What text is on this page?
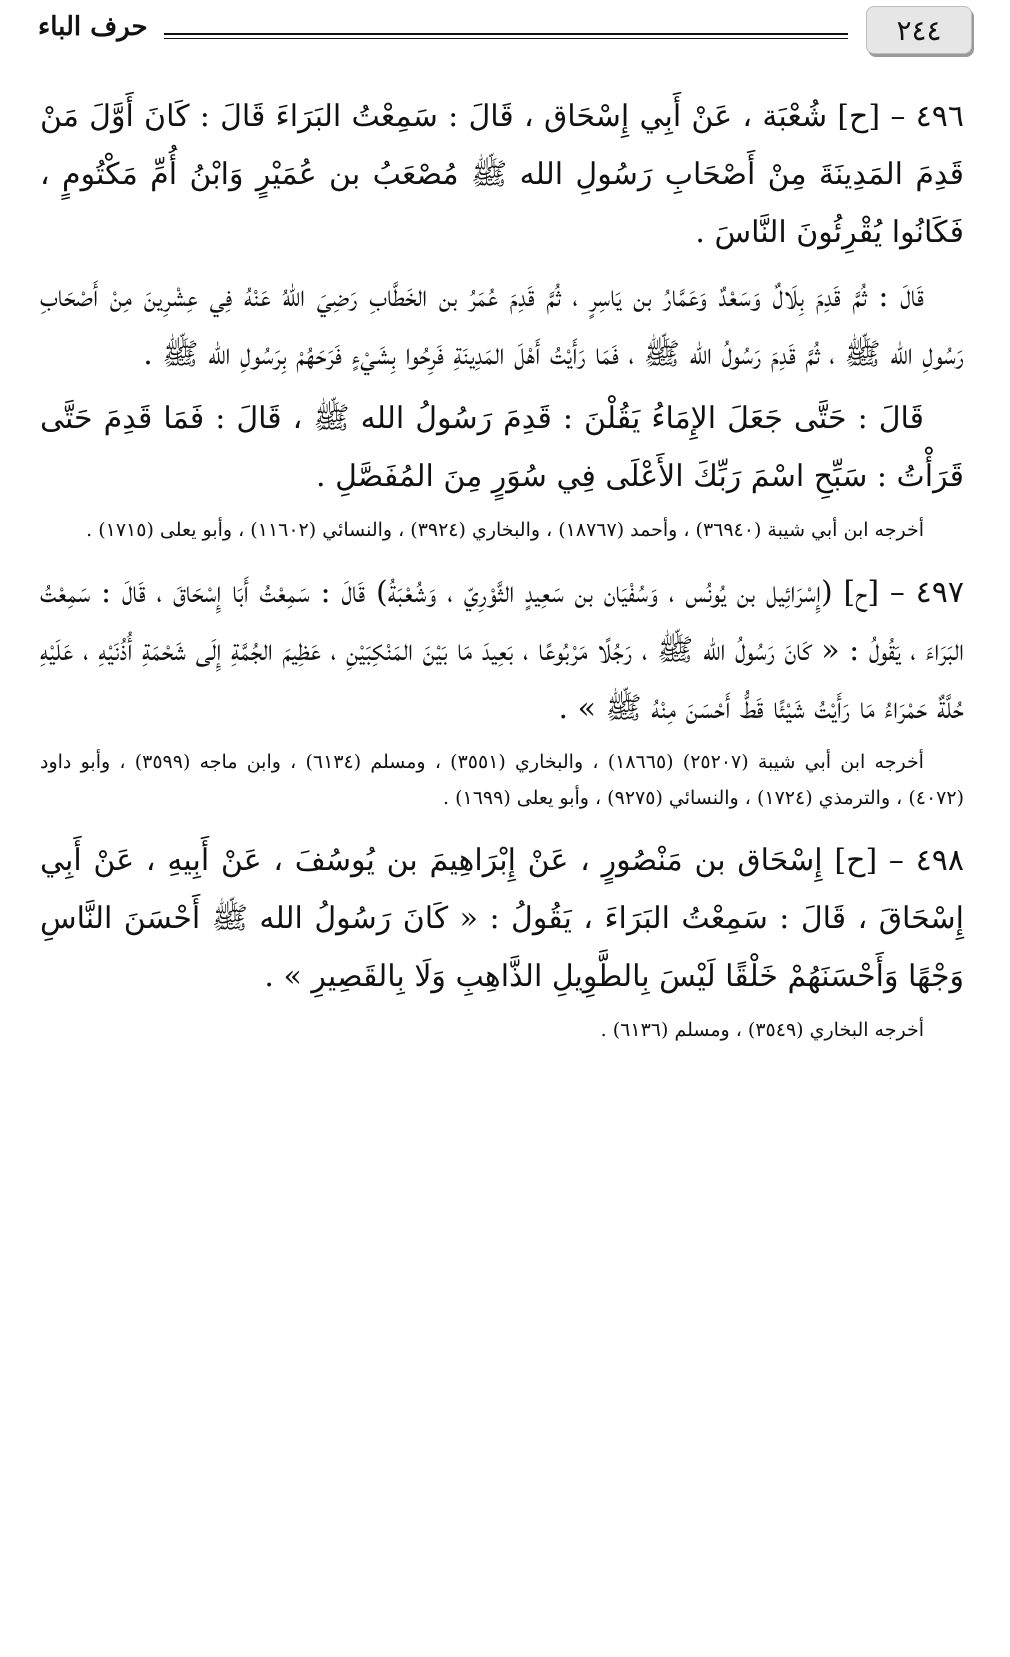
٢٤٤
حرف الباء

٤٩٦ – [ح] شُعْبَة ، عَنْ أَبِي إِسْحَاق ، قَالَ : سَمِعْتُ البَرَاءَ قَالَ : كَانَ أَوَّلَ مَنْ قَدِمَ المَدِينَةَ مِنْ أَصْحَابِ رَسُولِ الله ﷺ مُصْعَبُ بن عُمَيْرٍ وَابْنُ أُمِّ مَكْتُومٍ ، فَكَانُوا يُقْرِئُونَ النَّاسَ .

قَالَ : ثُمَّ قَدِمَ بِلَالٌ وَسَعْدٌ وَعَمَّارُ بن يَاسِرٍ ، ثُمَّ قَدِمَ عُمَرُ بن الخَطَّابِ رَضِيَ اللهُ عَنْهُ فِي عِشْرِينَ مِنْ أَصْحَابِ رَسُولِ الله ﷺ ، ثُمَّ قَدِمَ رَسُولُ الله ﷺ ، فَمَا رَأَيْتُ أَهْلَ المَدِينَةِ فَرِحُوا بِشَيْءٍ فَرَحَهُمْ بِرَسُولِ الله ﷺ .

قَالَ : حَتَّى جَعَلَ الإِمَاءُ يَقُلْنَ : قَدِمَ رَسُولُ الله ﷺ ، قَالَ : فَمَا قَدِمَ حَتَّى قَرَأْتُ : سَبِّحِ اسْمَ رَبِّكَ الأَعْلَى فِي سُوَرٍ مِنَ المُفَصَّلِ .

أخرجه ابن أبي شيبة (٣٦٩٤٠) ، وأحمد (١٨٧٦٧) ، والبخاري (٣٩٢٤) ، والنسائي (١١٦٠٢) ، وأبو يعلى (١٧١٥) .

٤٩٧ – [ح] (إِسْرَائِيل بن يُونُس ، وَسُفْيَان بن سَعِيدٍ الثَّوْرِيّ ، وَشُعْبَةُ) قَالَ : سَمِعْتُ أَبَا إِسْحَاقَ ، قَالَ : سَمِعْتُ البَرَاءَ ، يَقُولُ : « كَانَ رَسُولُ الله ﷺ ، رَجُلًا مَرْبُوعًا ، بَعِيدَ مَا بَيْنَ المَنْكِبَيْنِ ، عَظِيمَ الجُمَّةِ إِلَى شَحْمَةِ أُذُنَيْهِ ، عَلَيْهِ حُلَّةٌ حَمْرَاءُ مَا رَأَيْتُ شَيْئًا قَطُّ أَحْسَنَ مِنْهُ ﷺ » .

أخرجه ابن أبي شيبة (٢٥٢٠٧) (١٨٦٦٥) ، والبخاري (٣٥٥١) ، ومسلم (٦١٣٤) ، وابن ماجه (٣٥٩٩) ، وأبو داود (٤٠٧٢) ، والترمذي (١٧٢٤) ، والنسائي (٩٢٧٥) ، وأبو يعلى (١٦٩٩) .

٤٩٨ – [ح] إِسْحَاق بن مَنْصُورٍ ، عَنْ إِبْرَاهِيمَ بن يُوسُفَ ، عَنْ أَبِيهِ ، عَنْ أَبِي إِسْحَاقَ ، قَالَ : سَمِعْتُ البَرَاءَ ، يَقُولُ : « كَانَ رَسُولُ الله ﷺ أَحْسَنَ النَّاسِ وَجْهًا وَأَحْسَنَهُمْ خَلْقًا لَيْسَ بِالطَّوِيلِ الذَّاهِبِ وَلَا بِالقَصِيرِ » .

أخرجه البخاري (٣٥٤٩) ، ومسلم (٦١٣٦) .
